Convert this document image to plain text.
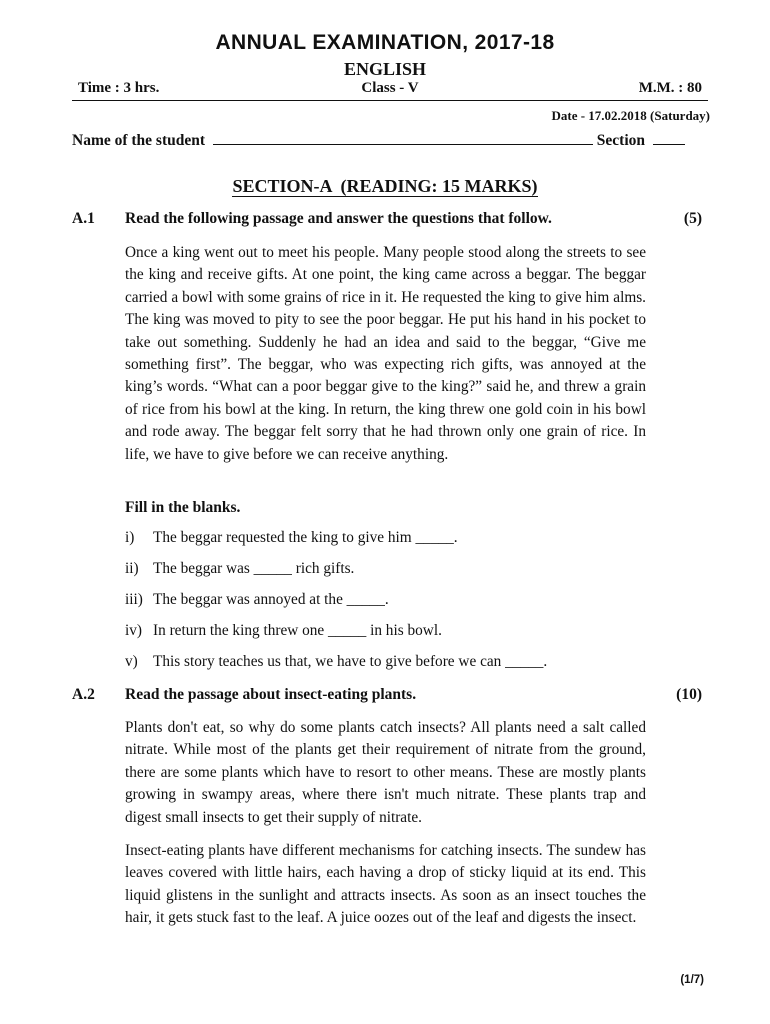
ANNUAL EXAMINATION, 2017-18
ENGLISH
Class - V
Time : 3 hrs.	M.M. : 80
Date - 17.02.2018 (Saturday)
Name of the student	Section
SECTION-A  (READING: 15 MARKS)
A.1 Read the following passage and answer the questions that follow.	(5)

Once a king went out to meet his people. Many people stood along the streets to see the king and receive gifts. At one point, the king came across a beggar. The beggar carried a bowl with some grains of rice in it. He requested the king to give him alms. The king was moved to pity to see the poor beggar. He put his hand in his pocket to take out something. Suddenly he had an idea and said to the beggar, “Give me something first”. The beggar, who was expecting rich gifts, was annoyed at the king’s words. “What can a poor beggar give to the king?” said he, and threw a grain of rice from his bowl at the king. In return, the king threw one gold coin in his bowl and rode away. The beggar felt sorry that he had thrown only one grain of rice. In life, we have to give before we can receive anything.

Fill in the blanks.
i) The beggar requested the king to give him _____.
ii) The beggar was _____ rich gifts.
iii) The beggar was annoyed at the _____.
iv) In return the king threw one _____ in his bowl.
v) This story teaches us that, we have to give before we can _____.
A.2 Read the passage about insect-eating plants.	(10)

Plants don't eat, so why do some plants catch insects? All plants need a salt called nitrate. While most of the plants get their requirement of nitrate from the ground, there are some plants which have to resort to other means. These are mostly plants growing in swampy areas, where there isn't much nitrate. These plants trap and digest small insects to get their supply of nitrate.

Insect-eating plants have different mechanisms for catching insects. The sundew has leaves covered with little hairs, each having a drop of sticky liquid at its end. This liquid glistens in the sunlight and attracts insects. As soon as an insect touches the hair, it gets stuck fast to the leaf. A juice oozes out of the leaf and digests the insect.

(1/7)
